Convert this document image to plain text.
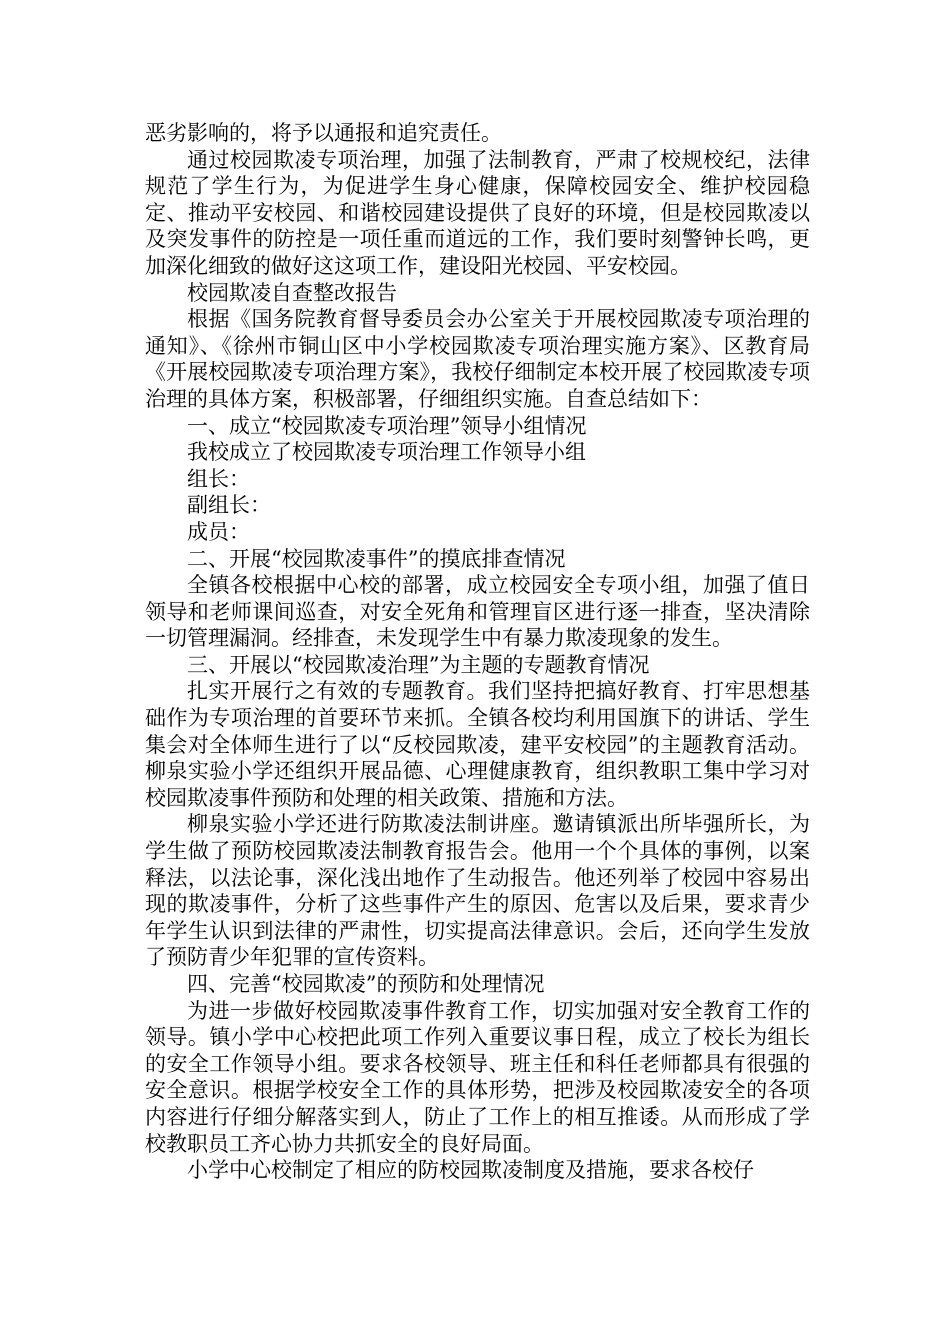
恶劣影响的，将予以通报和追究责任。

通过校园欺凌专项治理，加强了法制教育，严肃了校规校纪，法律规范了学生行为，为促进学生身心健康，保障校园安全、维护校园稳定、推动平安校园、和谐校园建设提供了良好的环境，但是校园欺凌以及突发事件的防控是一项任重而道远的工作，我们要时刻警钟长鸣，更加深化细致的做好这这项工作，建设阳光校园、平安校园。

校园欺凌自查整改报告

根据《国务院教育督导委员会办公室关于开展校园欺凌专项治理的通知》、《徐州市铜山区中小学校园欺凌专项治理实施方案》、区教育局《开展校园欺凌专项治理方案》，我校仔细制定本校开展了校园欺凌专项治理的具体方案，积极部署，仔细组织实施。自查总结如下：

一、成立“校园欺凌专项治理”领导小组情况

我校成立了校园欺凌专项治理工作领导小组

组长：

副组长：

成员：

二、开展“校园欺凌事件”的摸底排查情况

全镇各校根据中心校的部署，成立校园安全专项小组，加强了值日领导和老师课间巡查，对安全死角和管理盲区进行逐一排查，坚决清除一切管理漏洞。经排查，未发现学生中有暴力欺凌现象的发生。

三、开展以“校园欺凌治理”为主题的专题教育情况

扎实开展行之有效的专题教育。我们坚持把搞好教育、打牢思想基础作为专项治理的首要环节来抓。全镇各校均利用国旗下的讲话、学生集会对全体师生进行了以“反校园欺凌，建平安校园”的主题教育活动。柳泉实验小学还组织开展品德、心理健康教育，组织教职工集中学习对校园欺凌事件预防和处理的相关政策、措施和方法。

柳泉实验小学还进行防欺凌法制讲座。邀请镇派出所毕强所长，为学生做了预防校园欺凌法制教育报告会。他用一个个具体的事例，以案释法，以法论事，深化浅出地作了生动报告。他还列举了校园中容易出现的欺凌事件，分析了这些事件产生的原因、危害以及后果，要求青少年学生认识到法律的严肃性，切实提高法律意识。会后，还向学生发放了预防青少年犯罪的宣传资料。

四、完善“校园欺凌”的预防和处理情况

为进一步做好校园欺凌事件教育工作，切实加强对安全教育工作的领导。镇小学中心校把此项工作列入重要议事日程，成立了校长为组长的安全工作领导小组。要求各校领导、班主任和科任老师都具有很强的安全意识。根据学校安全工作的具体形势，把涉及校园欺凌安全的各项内容进行仔细分解落实到人，防止了工作上的相互推诿。从而形成了学校教职员工齐心协力共抓安全的良好局面。

小学中心校制定了相应的防校园欺凌制度及措施，要求各校仔
